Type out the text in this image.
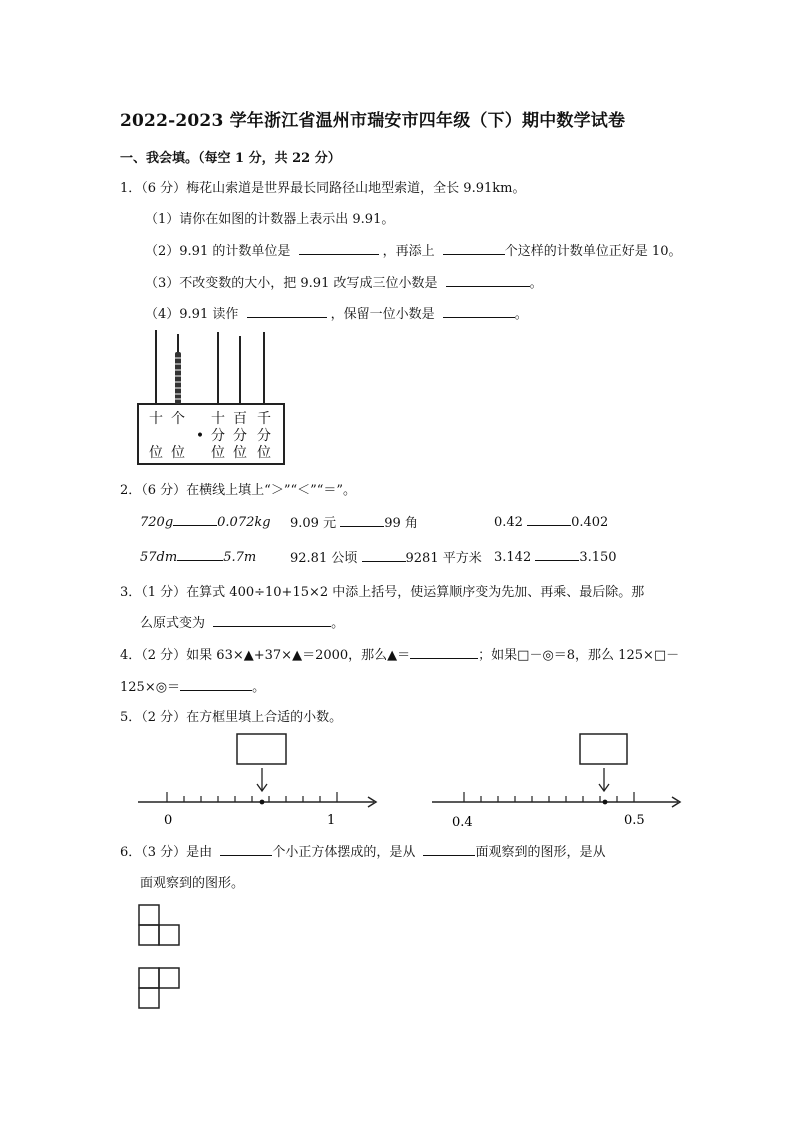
2022-2023 学年浙江省温州市瑞安市四年级（下）期中数学试卷
一、我会填。（每空 1 分，共 22 分）
1．（6 分）梅花山索道是世界最长同路径山地型索道，全长 9.91km。
（1）请你在如图的计数器上表示出 9.91。
（2）9.91 的计数单位是	，再添上	个这样的计数单位正好是 10。
（3）不改变数的大小，把 9.91 改写成三位小数是	。
（4）9.91 读作	，保留一位小数是	。
十
位
个
位
•
十
分
位
百
分
位
千
分
位
2．（6 分）在横线上填上“＞”“＜”“＝”。
720g	0.072kg 9.09 元	99 角	0.42	0.402
57dm	5.7m	92.81 公顷	9281 平方米 3.142	3.150
3．（1 分）在算式 400÷10+15×2 中添上括号，使运算顺序变为先加、再乘、最后除。那
么原式变为	。
4．（2 分）如果 63×▲+37×▲＝2000，那么▲＝	；如果□－◎＝8，那么 125×□－
125×◎＝	。
5．（2 分）在方框里填上合适的小数。
0	1	0.4	0.5
6．（3 分）是由	个小正方体摆成的，是从	面观察到的图形，是从
面观察到的图形。
